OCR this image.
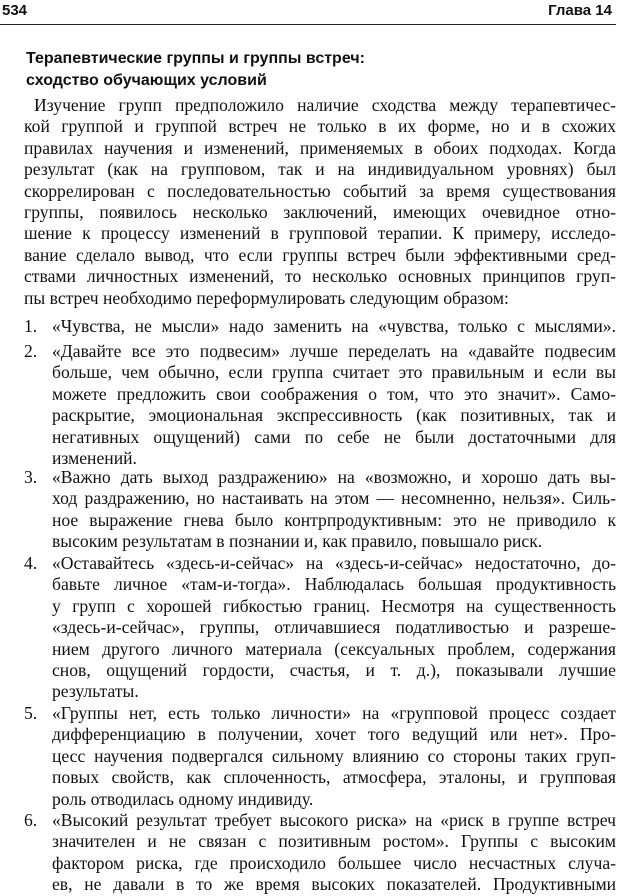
534	Глава 14
Терапевтические группы и группы встреч:
сходство обучающих условий
Изучение групп предположило наличие сходства между терапевтичес-
кой группой и группой встреч не только в их форме, но и в схожих
правилах научения и изменений, применяемых в обоих подходах. Когда
результат (как на групповом, так и на индивидуальном уровнях) был
скоррелирован с последовательностью событий за время существования
группы, появилось несколько заключений, имеющих очевидное отно-
шение к процессу изменений в групповой терапии. К примеру, исследо-
вание сделало вывод, что если группы встреч были эффективными сред-
ствами личностных изменений, то несколько основных принципов груп-
пы встреч необходимо переформулировать следующим образом:
1. «Чувства, не мысли» надо заменить на «чувства, только с мыслями».
2. «Давайте все это подвесим» лучше переделать на «давайте подвесим
больше, чем обычно, если группа считает это правильным и если вы
можете предложить свои соображения о том, что это значит». Само-
раскрытие, эмоциональная экспрессивность (как позитивных, так и
негативных ощущений) сами по себе не были достаточными для
изменений.
3. «Важно дать выход раздражению» на «возможно, и хорошо дать вы-
ход раздражению, но настаивать на этом — несомненно, нельзя». Силь-
ное выражение гнева было контрпродуктивным: это не приводило к
высоким результатам в познании и, как правило, повышало риск.
4. «Оставайтесь «здесь-и-сейчас» на «здесь-и-сейчас» недостаточно, до-
бавьте личное «там-и-тогда». Наблюдалась большая продуктивность
у групп с хорошей гибкостью границ. Несмотря на существенность
«здесь-и-сейчас», группы, отличавшиеся податливостью и разреше-
нием другого личного материала (сексуальных проблем, содержания
снов, ощущений гордости, счастья, и т. д.), показывали лучшие
результаты.
5. «Группы нет, есть только личности» на «групповой процесс создает
дифференциацию в получении, хочет того ведущий или нет». Про-
цесс научения подвергался сильному влиянию со стороны таких груп-
повых свойств, как сплоченность, атмосфера, эталоны, и групповая
роль отводилась одному индивиду.
6. «Высокий результат требует высокого риска» на «риск в группе встреч
значителен и не связан с позитивным ростом». Группы с высоким
фактором риска, где происходило большее число несчастных случа-
ев, не давали в то же время высоких показателей. Продуктивными
